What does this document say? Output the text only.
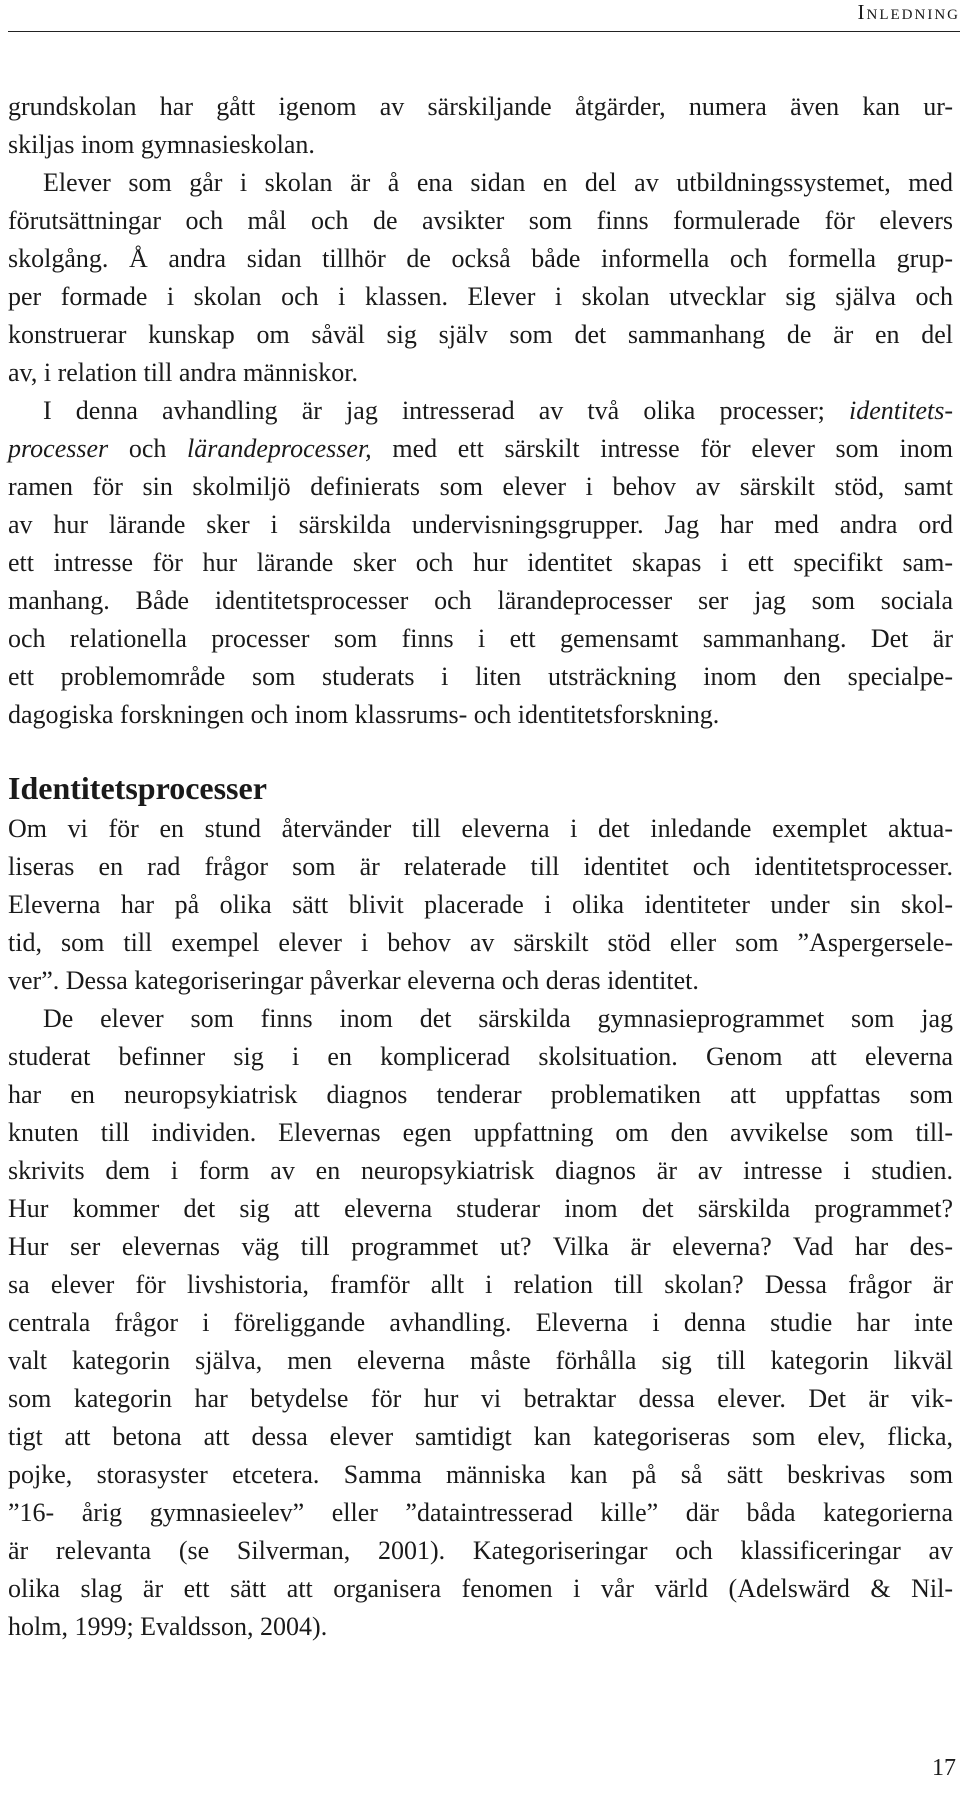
Inledning
grundskolan har gått igenom av särskiljande åtgärder, numera även kan ur-
skiljas inom gymnasieskolan.
Elever som går i skolan är å ena sidan en del av utbildningssystemet, med
förutsättningar och mål och de avsikter som finns formulerade för elevers
skolgång. Å andra sidan tillhör de också både informella och formella grup-
per formade i skolan och i klassen. Elever i skolan utvecklar sig själva och
konstruerar kunskap om såväl sig själv som det sammanhang de är en del
av, i relation till andra människor.
I denna avhandling är jag intresserad av två olika processer; identitets-
processer och lärandeprocesser, med ett särskilt intresse för elever som inom
ramen för sin skolmiljö definierats som elever i behov av särskilt stöd, samt
av hur lärande sker i särskilda undervisningsgrupper. Jag har med andra ord
ett intresse för hur lärande sker och hur identitet skapas i ett specifikt sam-
manhang. Både identitetsprocesser och lärandeprocesser ser jag som sociala
och relationella processer som finns i ett gemensamt sammanhang. Det är
ett problemområde som studerats i liten utsträckning inom den specialpe-
dagogiska forskningen och inom klassrums- och identitetsforskning.
Identitetsprocesser
Om vi för en stund återvänder till eleverna i det inledande exemplet aktua-
liseras en rad frågor som är relaterade till identitet och identitetsprocesser.
Eleverna har på olika sätt blivit placerade i olika identiteter under sin skol-
tid, som till exempel elever i behov av särskilt stöd eller som ”Aspergersele-
ver”. Dessa kategoriseringar påverkar eleverna och deras identitet.
De elever som finns inom det särskilda gymnasieprogrammet som jag
studerat befinner sig i en komplicerad skolsituation. Genom att eleverna
har en neuropsykiatrisk diagnos tenderar problematiken att uppfattas som
knuten till individen. Elevernas egen uppfattning om den avvikelse som till-
skrivits dem i form av en neuropsykiatrisk diagnos är av intresse i studien.
Hur kommer det sig att eleverna studerar inom det särskilda programmet?
Hur ser elevernas väg till programmet ut? Vilka är eleverna? Vad har des-
sa elever för livshistoria, framför allt i relation till skolan? Dessa frågor är
centrala frågor i föreliggande avhandling. Eleverna i denna studie har inte
valt kategorin själva, men eleverna måste förhålla sig till kategorin likväl
som kategorin har betydelse för hur vi betraktar dessa elever. Det är vik-
tigt att betona att dessa elever samtidigt kan kategoriseras som elev, flicka,
pojke, storasyster etcetera. Samma människa kan på så sätt beskrivas som
”16- årig gymnasieelev” eller ”dataintresserad kille” där båda kategorierna
är relevanta (se Silverman, 2001). Kategoriseringar och klassificeringar av
olika slag är ett sätt att organisera fenomen i vår värld (Adelswärd & Nil-
holm, 1999; Evaldsson, 2004).
17
